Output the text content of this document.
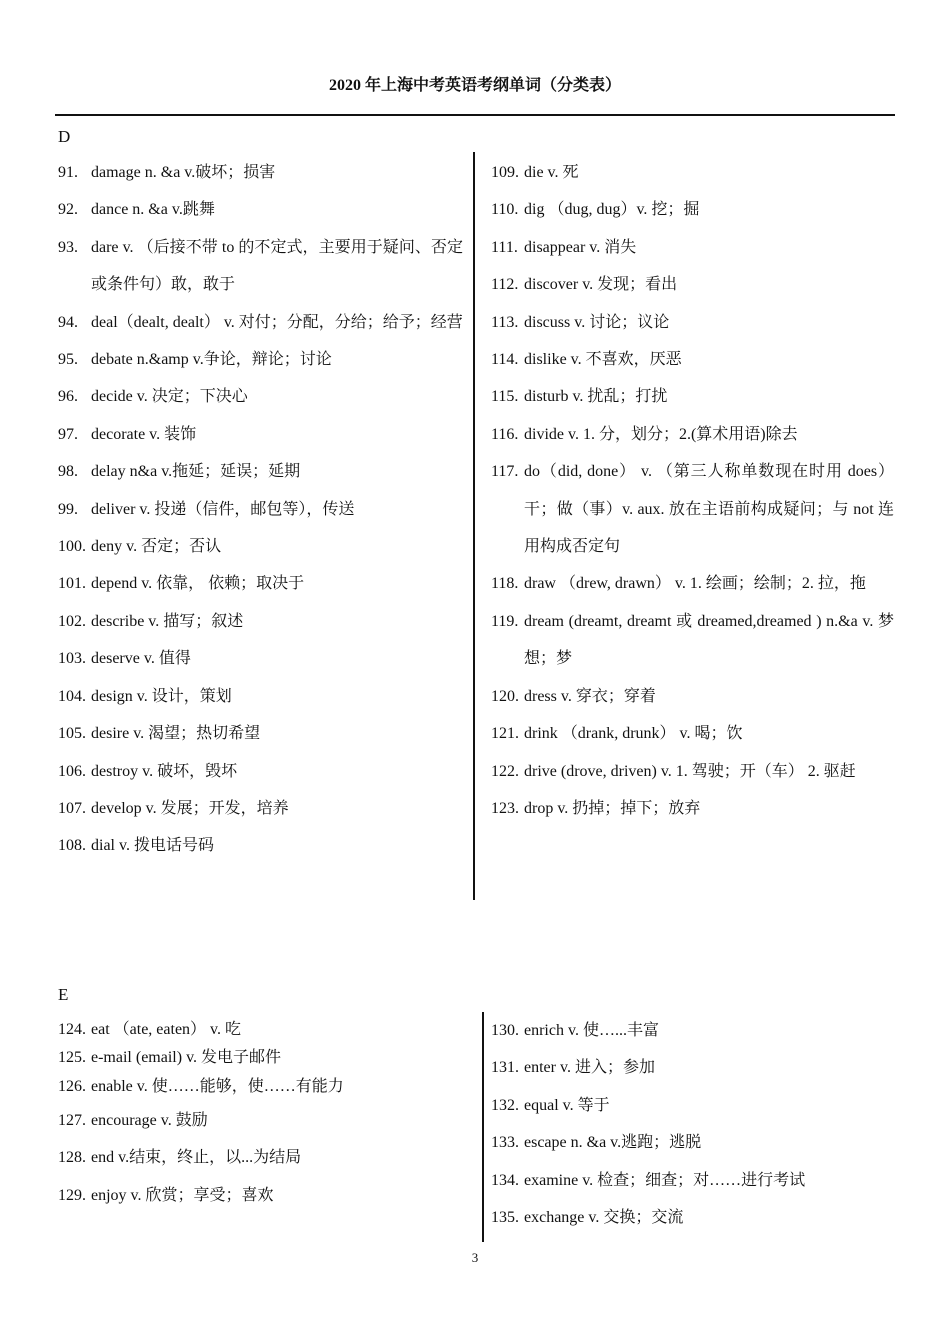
2020 年上海中考英语考纲单词（分类表）
D
91. damage n. &a v.破坏；损害
92. dance n. &a v.跳舞
93. dare v. （后接不带 to 的不定式，主要用于疑问、否定或条件句）敢，敢于
94. deal（dealt, dealt） v. 对付；分配，分给；给予；经营
95. debate n.&amp v.争论，辩论；讨论
96. decide v. 决定；下决心
97. decorate v. 装饰
98. delay n&a v.拖延；延误；延期
99. deliver v. 投递（信件，邮包等），传送
100. deny v. 否定；否认
101. depend v. 依靠， 依赖；取决于
102. describe v. 描写；叙述
103. deserve v. 值得
104. design v. 设计，策划
105. desire v. 渴望；热切希望
106. destroy v. 破坏，毁坏
107. develop v. 发展；开发，培养
108. dial v. 拨电话号码
109. die v. 死
110. dig （dug, dug）v. 挖；掘
111. disappear v. 消失
112. discover v. 发现；看出
113. discuss v. 讨论；议论
114. dislike v. 不喜欢，厌恶
115. disturb v. 扰乱；打扰
116. divide v. 1. 分，划分；2.(算术用语)除去
117. do（did, done） v. （第三人称单数现在时用 does）干；做（事）v. aux. 放在主语前构成疑问；与 not 连用构成否定句
118. draw （drew, drawn） v. 1. 绘画；绘制；2. 拉，拖
119. dream (dreamt, dreamt 或 dreamed,dreamed ) n.&a v. 梦想；梦
120. dress v. 穿衣；穿着
121. drink （drank, drunk） v. 喝；饮
122. drive (drove, driven) v. 1. 驾驶；开（车） 2. 驱赶
123. drop v. 扔掉；掉下；放弃
E
124. eat （ate, eaten） v. 吃
125. e-mail (email) v. 发电子邮件
126. enable v. 使……能够，使……有能力
127. encourage v. 鼓励
128. end v.结束，终止，以...为结局
129. enjoy v. 欣赏；享受；喜欢
130. enrich v. 使…...丰富
131. enter v. 进入；参加
132. equal v. 等于
133. escape n. &a v.逃跑；逃脱
134. examine v. 检查；细查；对……进行考试
135. exchange v. 交换；交流
3
